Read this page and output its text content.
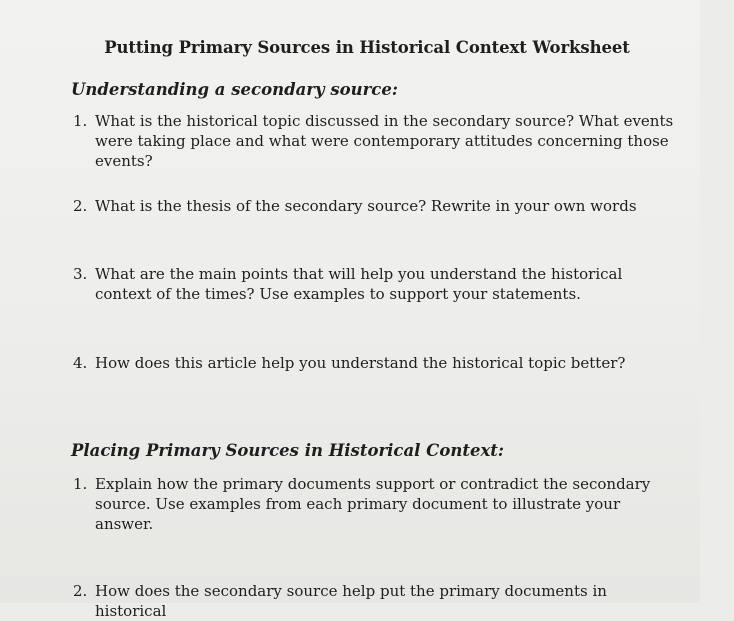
Putting Primary Sources in Historical Context Worksheet
Understanding a secondary source:
1. What is the historical topic discussed in the secondary source? What events were taking place and what were contemporary attitudes concerning those events?
2. What is the thesis of the secondary source? Rewrite in your own words
3. What are the main points that will help you understand the historical context of the times? Use examples to support your statements.
4. How does this article help you understand the historical topic better?
Placing Primary Sources in Historical Context:
1. Explain how the primary documents support or contradict the secondary source. Use examples from each primary document to illustrate your answer.
2. How does the secondary source help put the primary documents in historical
